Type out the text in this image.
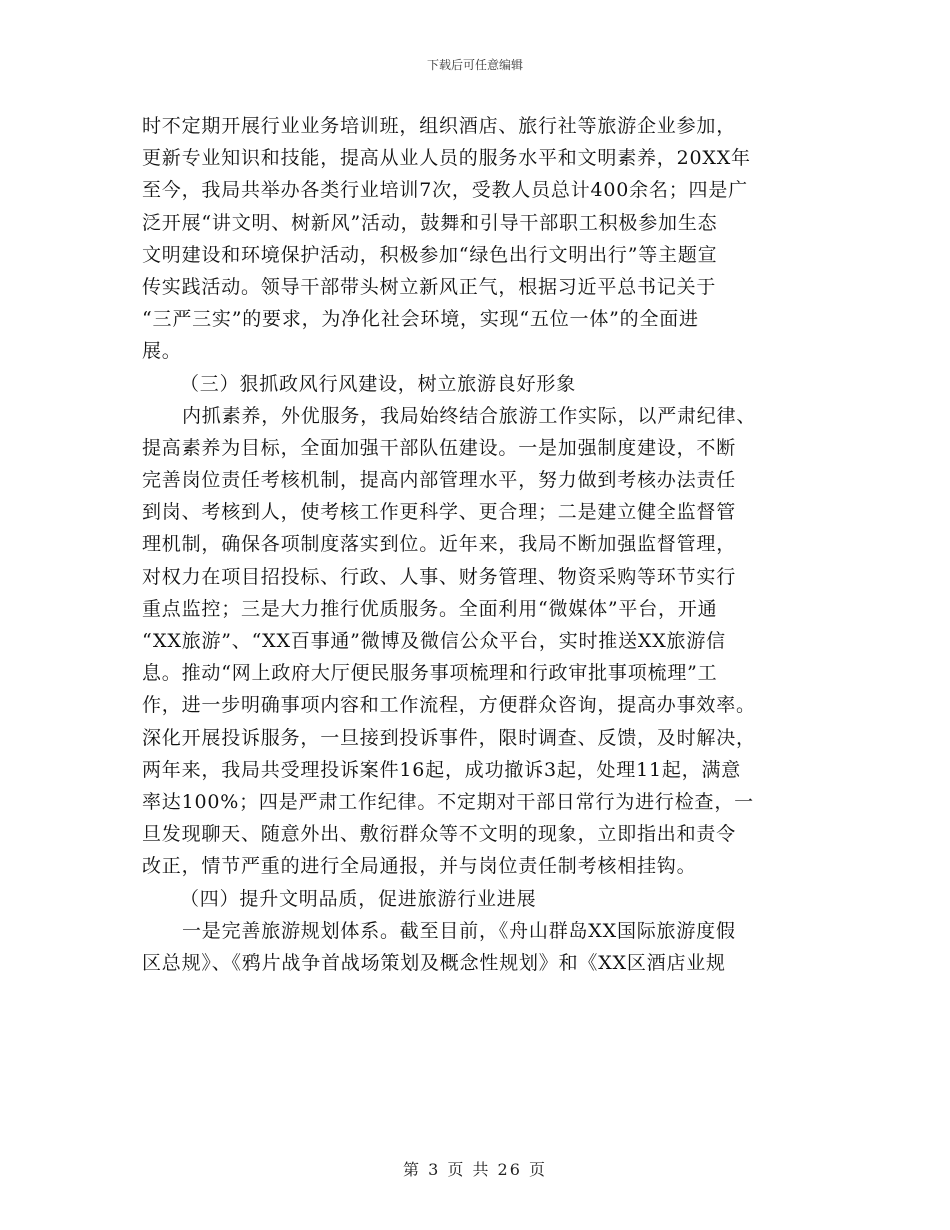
下载后可任意编辑
时不定期开展行业业务培训班，组织酒店、旅行社等旅游企业参加，
更新专业知识和技能，提高从业人员的服务水平和文明素养，20XX年
至今，我局共举办各类行业培训7次，受教人员总计400余名；四是广
泛开展“讲文明、树新风”活动，鼓舞和引导干部职工积极参加生态
文明建设和环境保护活动，积极参加“绿色出行文明出行”等主题宣
传实践活动。领导干部带头树立新风正气，根据习近平总书记关于
“三严三实”的要求，为净化社会环境，实现“五位一体”的全面进
展。
（三）狠抓政风行风建设，树立旅游良好形象
内抓素养，外优服务，我局始终结合旅游工作实际，以严肃纪律、
提高素养为目标，全面加强干部队伍建设。一是加强制度建设，不断
完善岗位责任考核机制，提高内部管理水平，努力做到考核办法责任
到岗、考核到人，使考核工作更科学、更合理；二是建立健全监督管
理机制，确保各项制度落实到位。近年来，我局不断加强监督管理，
对权力在项目招投标、行政、人事、财务管理、物资采购等环节实行
重点监控；三是大力推行优质服务。全面利用“微媒体”平台，开通
“XX旅游”、“XX百事通”微博及微信公众平台，实时推送XX旅游信
息。推动“网上政府大厅便民服务事项梳理和行政审批事项梳理”工
作，进一步明确事项内容和工作流程，方便群众咨询，提高办事效率。
深化开展投诉服务，一旦接到投诉事件，限时调查、反馈，及时解决，
两年来，我局共受理投诉案件16起，成功撤诉3起，处理11起，满意
率达100%；四是严肃工作纪律。不定期对干部日常行为进行检查，一
旦发现聊天、随意外出、敷衍群众等不文明的现象，立即指出和责令
改正，情节严重的进行全局通报，并与岗位责任制考核相挂钩。
（四）提升文明品质，促进旅游行业进展
一是完善旅游规划体系。截至目前，《舟山群岛XX国际旅游度假
区总规》、《鸦片战争首战场策划及概念性规划》和《XX区酒店业规
第 3 页 共 26 页
